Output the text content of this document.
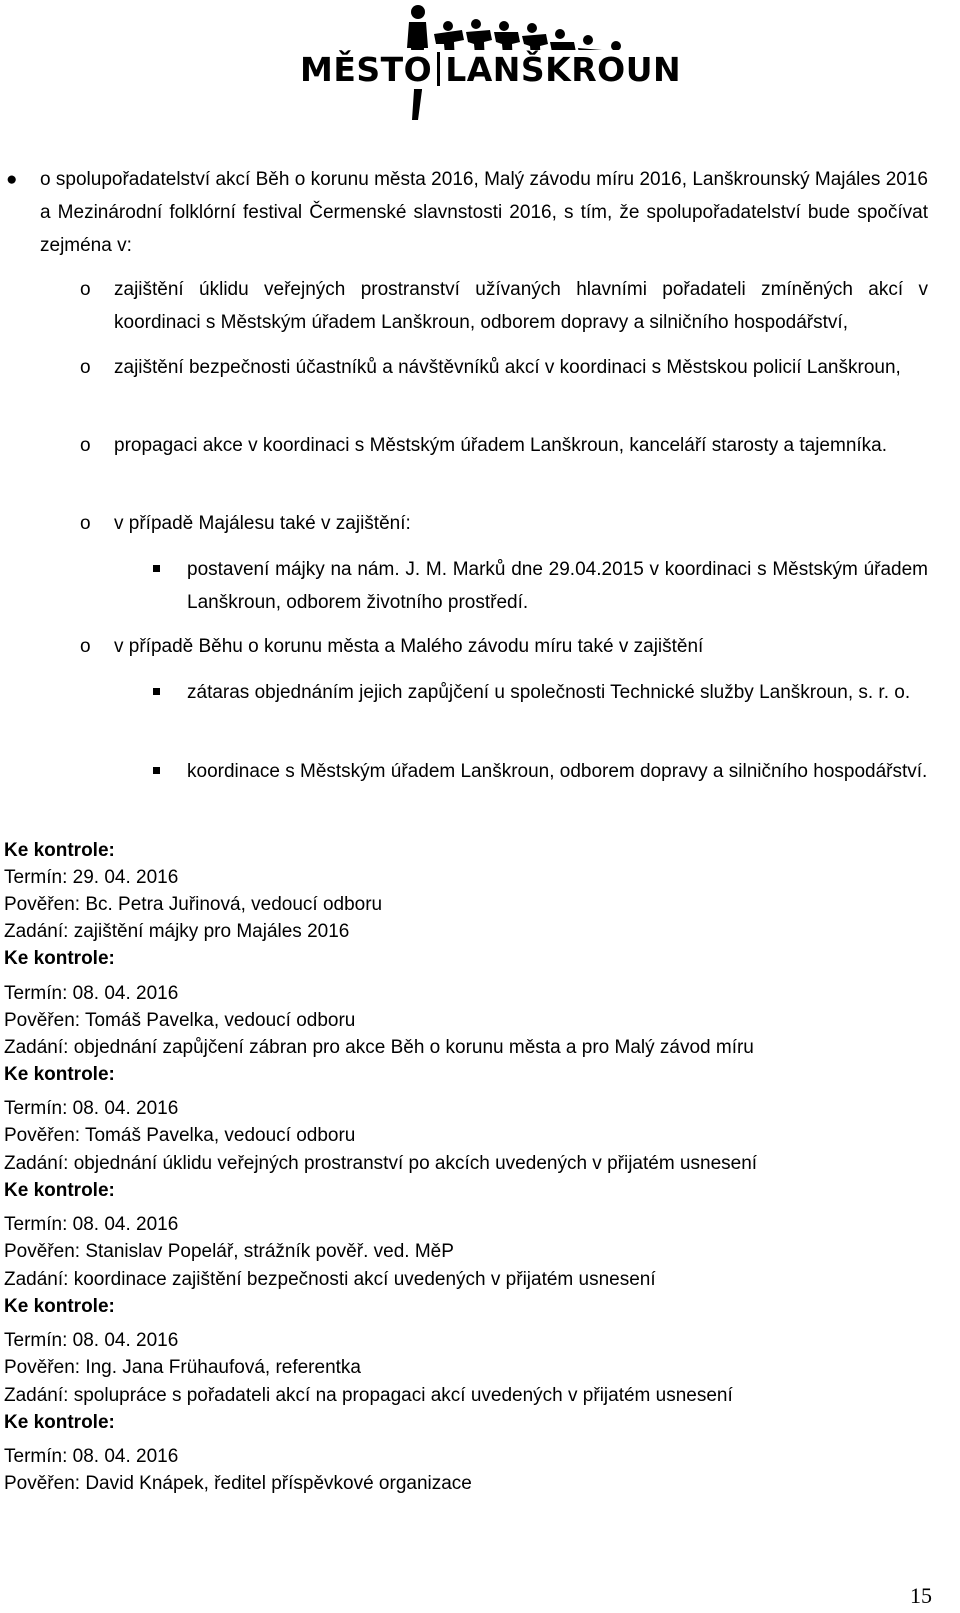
MĚSTO LANŠKROUN
● o spolupořadatelství akcí Běh o korunu města 2016, Malý závodu míru 2016, Lanškrounský Majáles 2016 a Mezinárodní folklórní festival Čermenské slavnstosti 2016, s tím, že spolupořadatelství bude spočívat zejména v:
o zajištění úklidu veřejných prostranství užívaných hlavními pořadateli zmíněných akcí v koordinaci s Městským úřadem Lanškroun, odborem dopravy a silničního hospodářství,
o zajištění bezpečnosti účastníků a návštěvníků akcí v koordinaci s Městskou policií Lanškroun,
o propagaci akce v koordinaci s Městským úřadem Lanškroun, kanceláří starosty a tajemníka.
o v případě Majálesu také v zajištění:
postavení májky na nám. J. M. Marků dne 29.04.2015 v koordinaci s Městským úřadem Lanškroun, odborem životního prostředí.
o v případě Běhu o korunu města a Malého závodu míru také v zajištění
zátaras objednáním jejich zapůjčení u společnosti Technické služby Lanškroun, s. r. o.
koordinace s Městským úřadem Lanškroun, odborem dopravy a silničního hospodářství.
Ke kontrole:
Termín: 29. 04. 2016
Pověřen: Bc. Petra Juřinová, vedoucí odboru
Zadání: zajištění májky pro Majáles 2016
Ke kontrole:
Termín: 08. 04. 2016
Pověřen: Tomáš Pavelka, vedoucí odboru
Zadání: objednání zapůjčení zábran pro akce Běh o korunu města a pro Malý závod míru
Ke kontrole:
Termín: 08. 04. 2016
Pověřen: Tomáš Pavelka, vedoucí odboru
Zadání: objednání úklidu veřejných prostranství po akcích uvedených v přijatém usnesení
Ke kontrole:
Termín: 08. 04. 2016
Pověřen: Stanislav Popelář, strážník pověř. ved. MěP
Zadání: koordinace zajištění bezpečnosti akcí uvedených v přijatém usnesení
Ke kontrole:
Termín: 08. 04. 2016
Pověřen: Ing. Jana Frühaufová, referentka
Zadání: spolupráce s pořadateli akcí na propagaci akcí uvedených v přijatém usnesení
Ke kontrole:
Termín: 08. 04. 2016
Pověřen: David Knápek, ředitel příspěvkové organizace
15
